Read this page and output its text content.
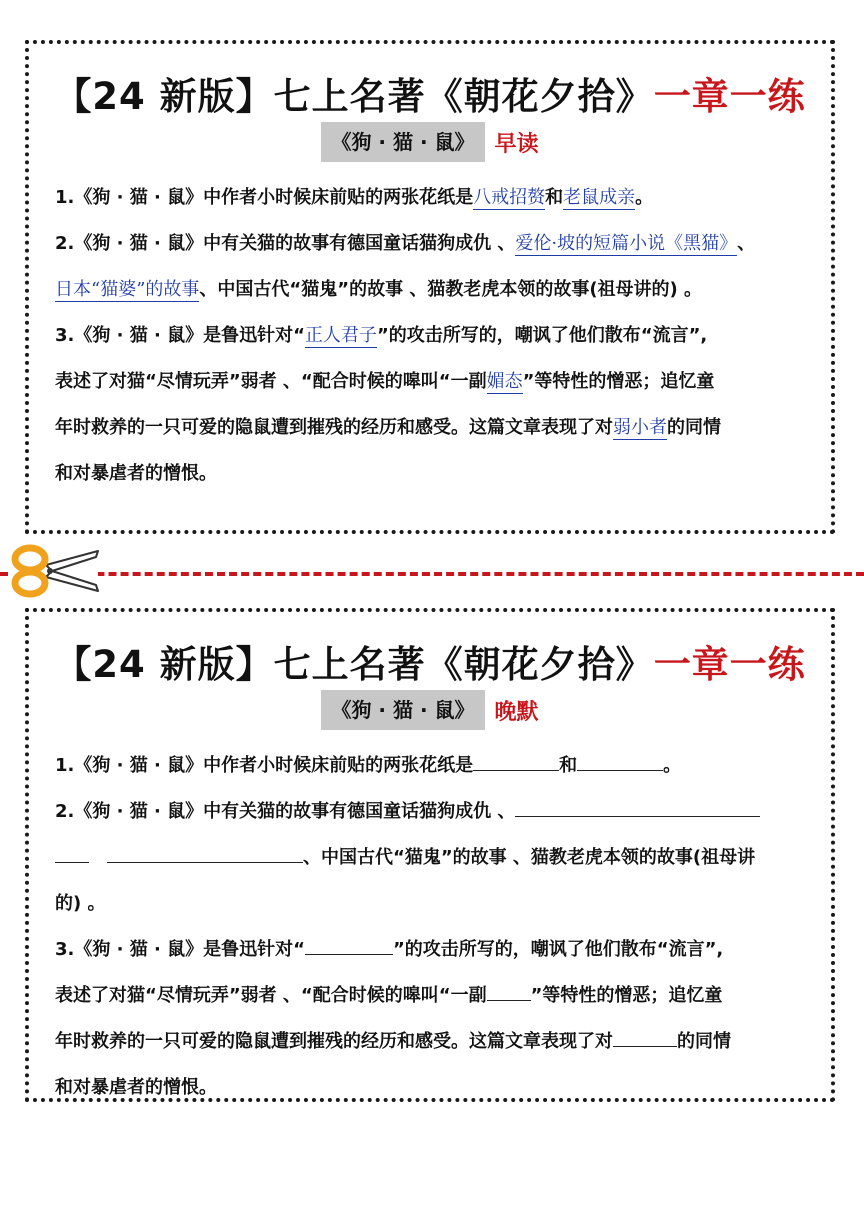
【24 新版】七上名著《朝花夕拾》一章一练
《狗 · 猫 · 鼠》 早读
1.《狗 · 猫 · 鼠》中作者小时候床前贴的两张花纸是八戒招赘和老鼠成亲。
2.《狗 · 猫 · 鼠》中有关猫的故事有德国童话猫狗成仇 、爱伦·坡的短篇小说《黑猫》、
日本“猫婆”的故事、中国古代“猫鬼”的故事 、猫教老虎本领的故事(祖母讲的) 。
3.《狗 · 猫 · 鼠》是鲁迅针对“正人君子”的攻击所写的，嘲讽了他们散布“流言”,
表述了对猫“尽情玩弄”弱者 、“配合时候的嗥叫“一副媚态”等特性的憎恶；追忆童
年时救养的一只可爱的隐鼠遭到摧残的经历和感受。这篇文章表现了对弱小者的同情
和对暴虐者的憎恨。
【24 新版】七上名著《朝花夕拾》一章一练
《狗 · 猫 · 鼠》 晚默
1.《狗 · 猫 · 鼠》中作者小时候床前贴的两张花纸是	和	。
2.《狗 · 猫 · 鼠》中有关猫的故事有德国童话猫狗成仇 、
、中国古代“猫鬼”的故事 、猫教老虎本领的故事(祖母讲
的) 。
3.《狗 · 猫 · 鼠》是鲁迅针对“	”的攻击所写的，嘲讽了他们散布“流言”,
表述了对猫“尽情玩弄”弱者 、“配合时候的嗥叫“一副 ”等特性的憎恶；追忆童
年时救养的一只可爱的隐鼠遭到摧残的经历和感受。这篇文章表现了对	的同情
和对暴虐者的憎恨。
